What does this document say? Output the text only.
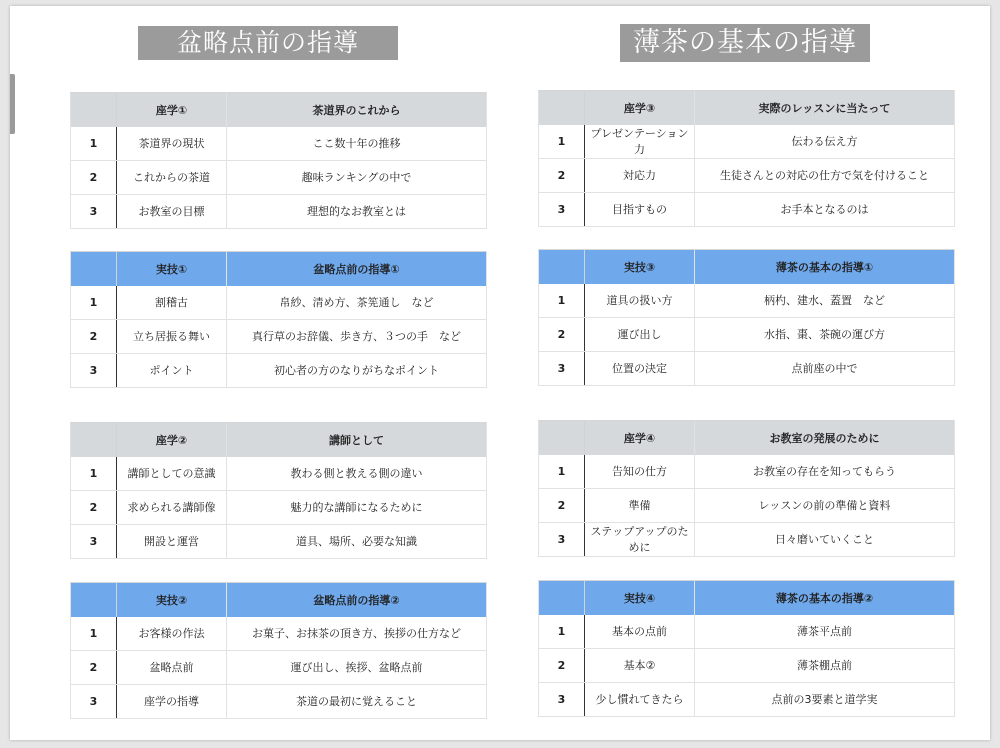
盆略点前の指導
	座学①	茶道界のこれから
1	茶道界の現状	ここ数十年の推移
2	これからの茶道	趣味ランキングの中で
3	お教室の目標	理想的なお教室とは
	実技①	盆略点前の指導①
1	割稽古	帛紗、清め方、茶筅通し　など
2	立ち居振る舞い	真行草のお辞儀、歩き方、３つの手　など
3	ポイント	初心者の方のなりがちなポイント
	座学②	講師として
1	講師としての意識	教わる側と教える側の違い
2	求められる講師像	魅力的な講師になるために
3	開設と運営	道具、場所、必要な知識
	実技②	盆略点前の指導②
1	お客様の作法	お菓子、お抹茶の頂き方、挨拶の仕方など
2	盆略点前	運び出し、挨拶、盆略点前
3	座学の指導	茶道の最初に覚えること
薄茶の基本の指導
	座学③	実際のレッスンに当たって
1	プレゼンテーション力	伝わる伝え方
2	対応力	生徒さんとの対応の仕方で気を付けること
3	目指すもの	お手本となるのは
	実技③	薄茶の基本の指導①
1	道具の扱い方	柄杓、建水、蓋置　など
2	運び出し	水指、棗、茶碗の運び方
3	位置の決定	点前座の中で
	座学④	お教室の発展のために
1	告知の仕方	お教室の存在を知ってもらう
2	準備	レッスンの前の準備と資料
3	ステップアップのために	日々磨いていくこと
	実技④	薄茶の基本の指導②
1	基本の点前	薄茶平点前
2	基本②	薄茶棚点前
3	少し慣れてきたら	点前の3要素と道学実
